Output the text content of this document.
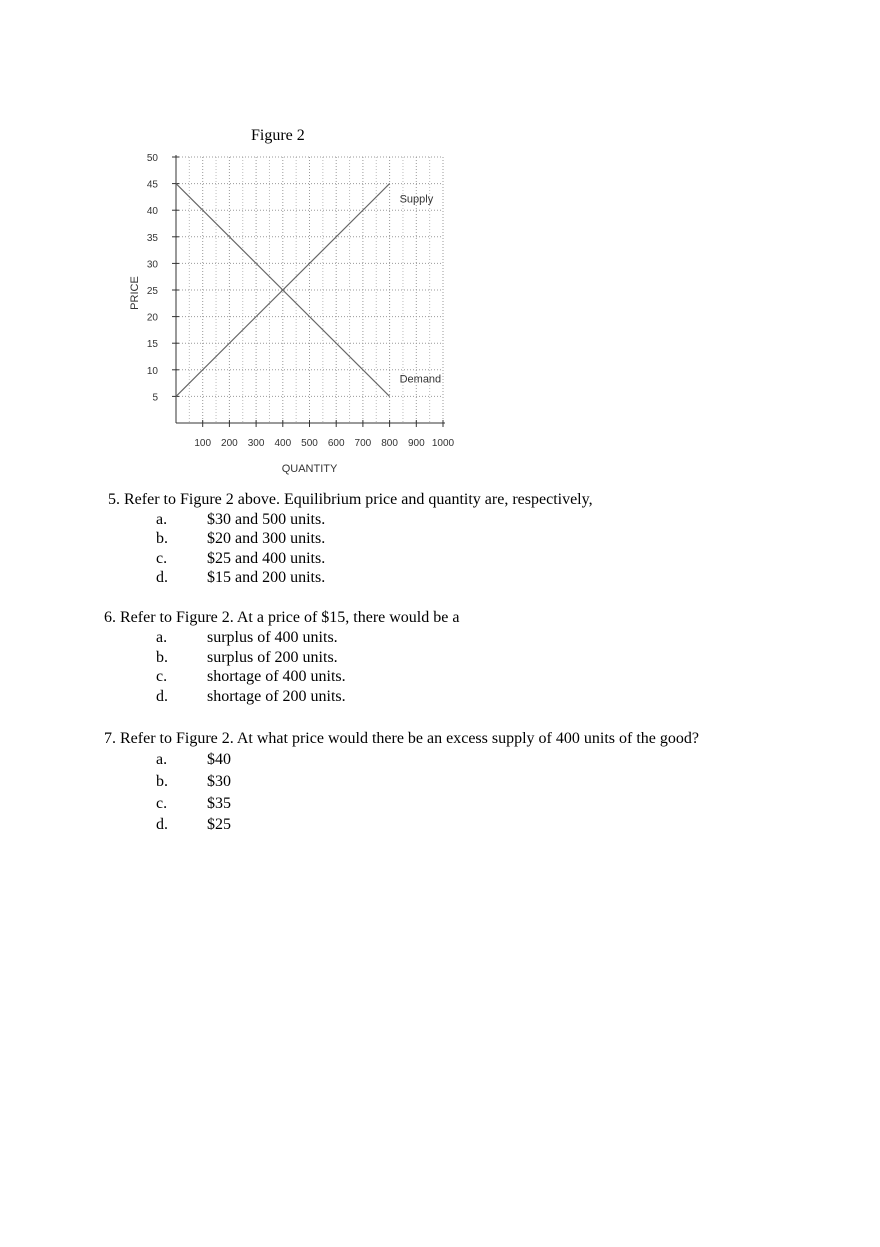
Figure 2
5
10
15
20
25
30
35
40
45
50
100 200 300 400 500 600 700 800 900 1000
QUANTITY
PRICE
Supply
Demand
5. Refer to Figure 2 above. Equilibrium price and quantity are, respectively,
a. $30 and 500 units.
b. $20 and 300 units.
c. $25 and 400 units.
d. $15 and 200 units.
6. Refer to Figure 2. At a price of $15, there would be a
a. surplus of 400 units.
b. surplus of 200 units.
c. shortage of 400 units.
d. shortage of 200 units.
7. Refer to Figure 2. At what price would there be an excess supply of 400 units of the good?
a. $40
b. $30
c. $35
d. $25
